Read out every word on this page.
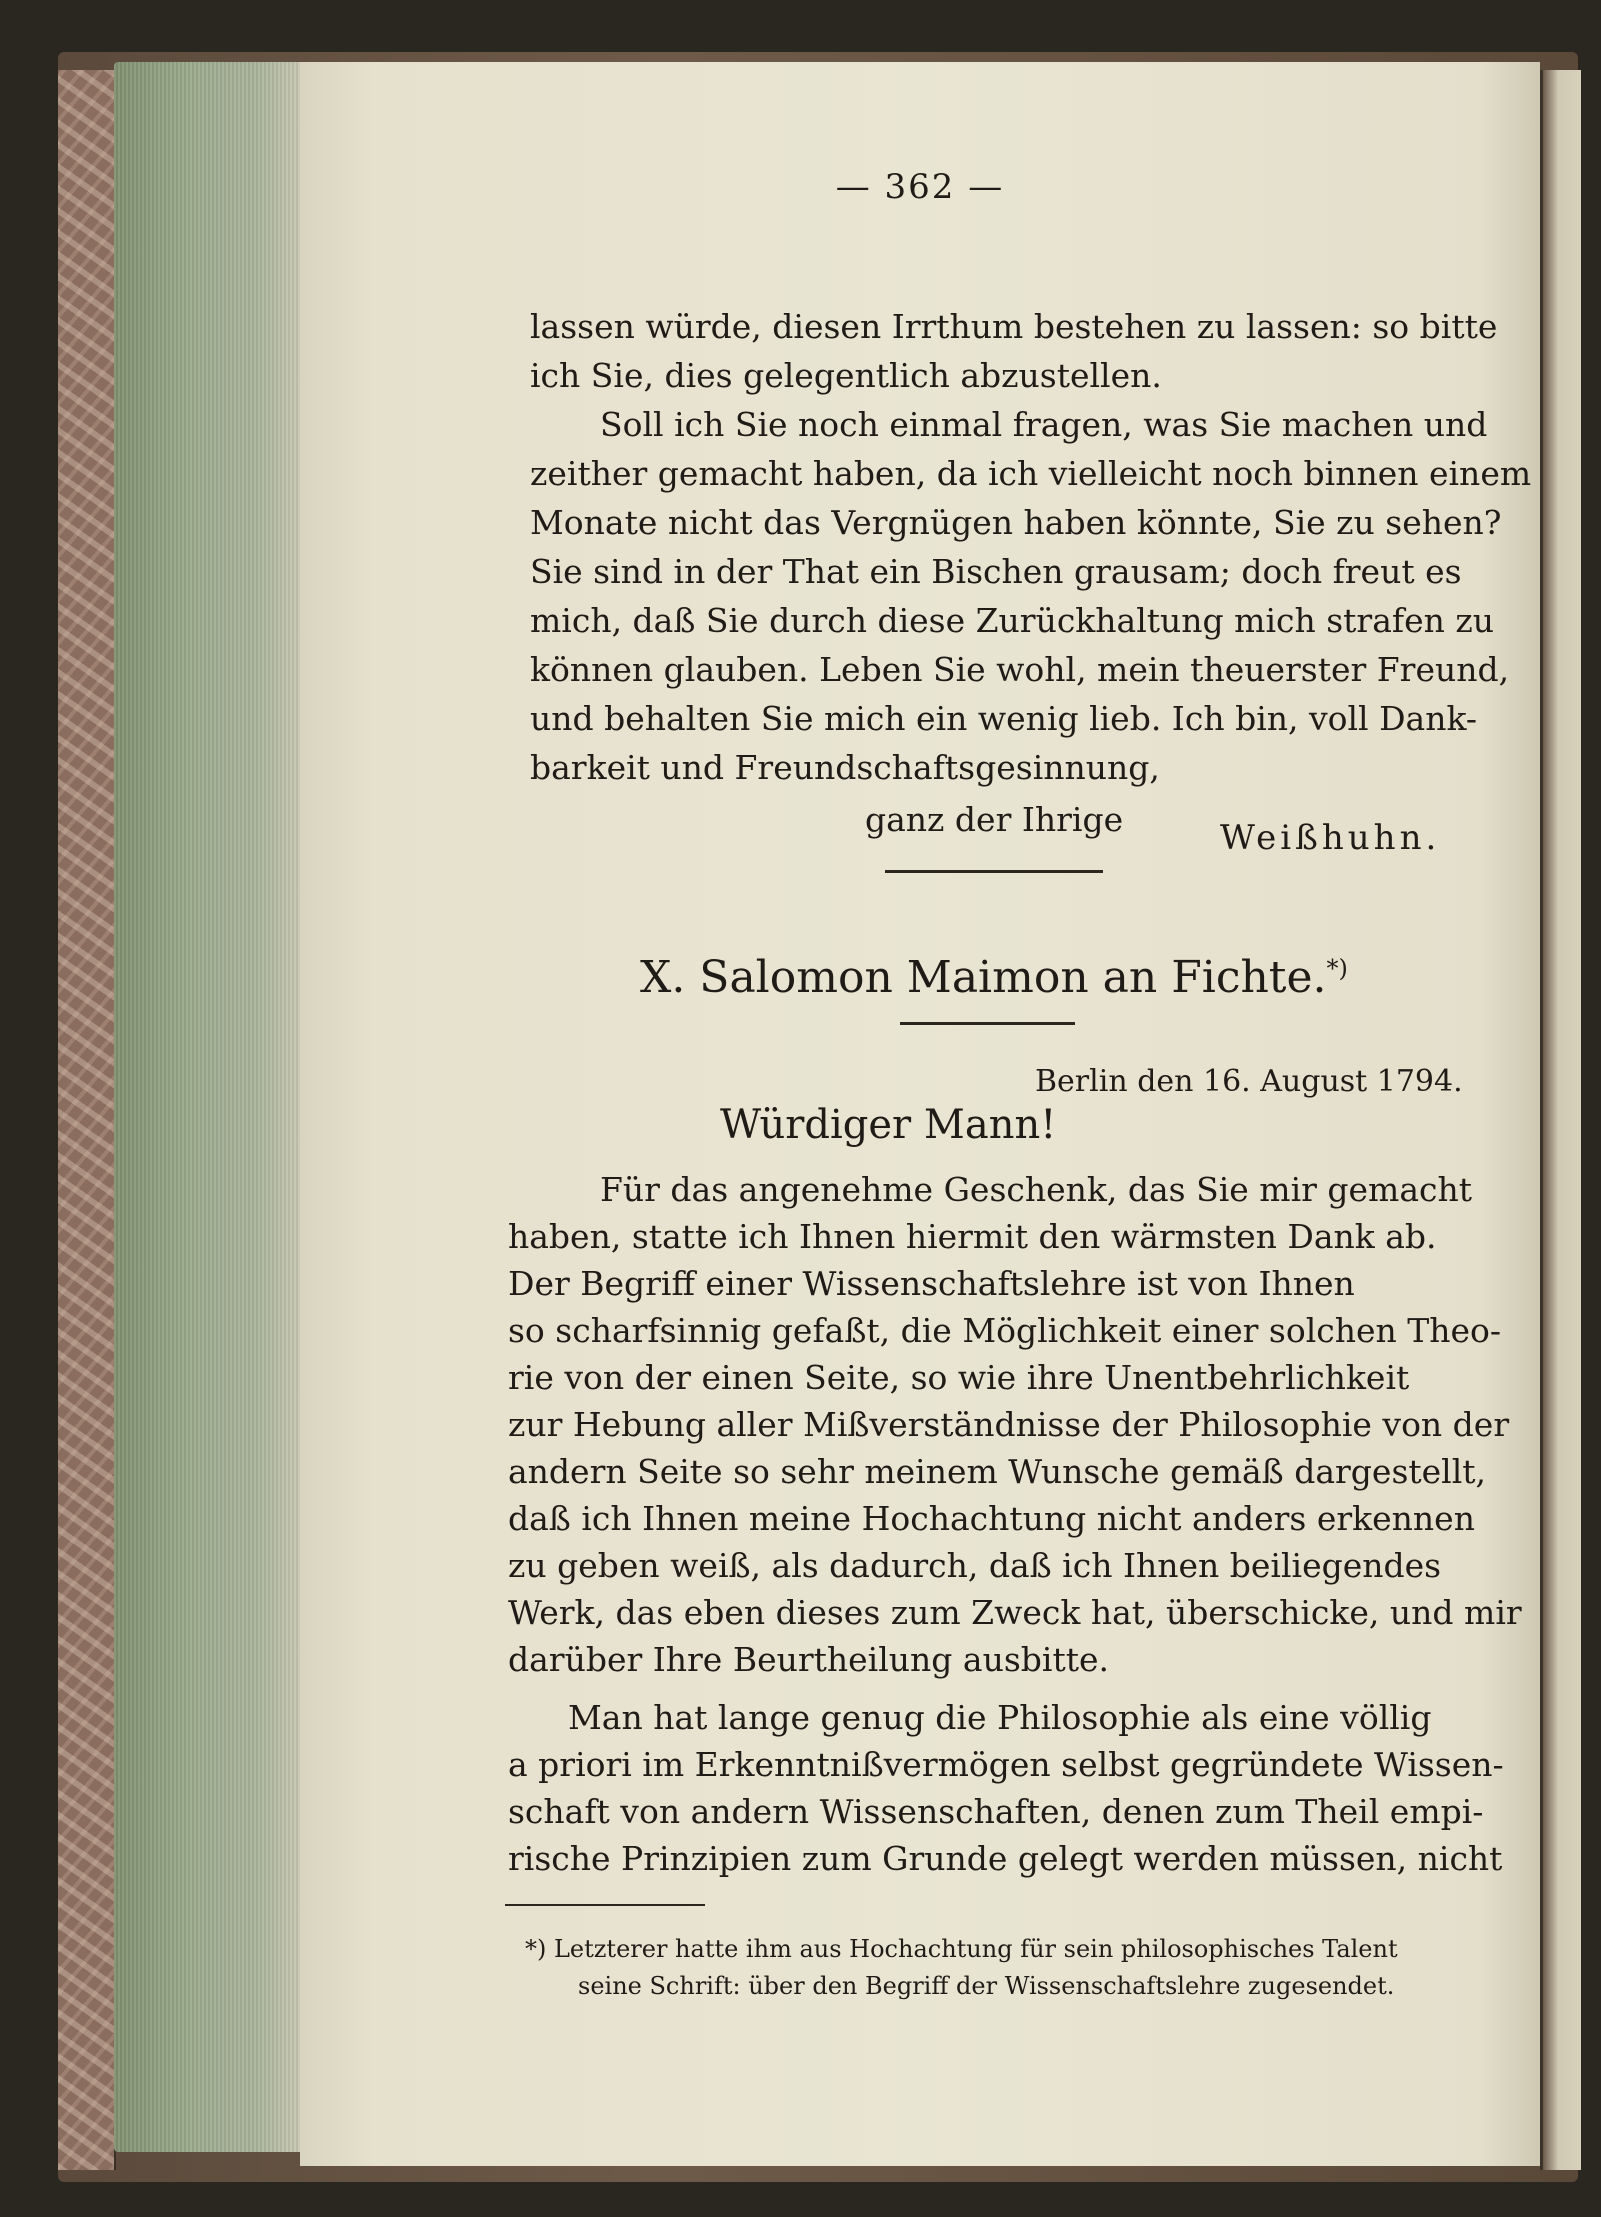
— 362 —
lassen würde, diesen Irrthum bestehen zu lassen: so bitte
ich Sie, dies gelegentlich abzustellen.
Soll ich Sie noch einmal fragen, was Sie machen und
zeither gemacht haben, da ich vielleicht noch binnen einem
Monate nicht das Vergnügen haben könnte, Sie zu sehen?
Sie sind in der That ein Bischen grausam; doch freut es
mich, daß Sie durch diese Zurückhaltung mich strafen zu
können glauben. Leben Sie wohl, mein theuerster Freund,
und behalten Sie mich ein wenig lieb. Ich bin, voll Dank-
barkeit und Freundschaftsgesinnung,
ganz der Ihrige	Weißhuhn.
X. Salomon Maimon an Fichte.*)
Berlin den 16. August 1794.
Würdiger Mann!
Für das angenehme Geschenk, das Sie mir gemacht
haben, statte ich Ihnen hiermit den wärmsten Dank ab.
Der Begriff einer Wissenschaftslehre ist von Ihnen
so scharfsinnig gefaßt, die Möglichkeit einer solchen Theo-
rie von der einen Seite, so wie ihre Unentbehrlichkeit
zur Hebung aller Mißverständnisse der Philosophie von der
andern Seite so sehr meinem Wunsche gemäß dargestellt,
daß ich Ihnen meine Hochachtung nicht anders erkennen
zu geben weiß, als dadurch, daß ich Ihnen beiliegendes
Werk, das eben dieses zum Zweck hat, überschicke, und mir
darüber Ihre Beurtheilung ausbitte.
Man hat lange genug die Philosophie als eine völlig
a priori im Erkenntnißvermögen selbst gegründete Wissen-
schaft von andern Wissenschaften, denen zum Theil empi-
rische Prinzipien zum Grunde gelegt werden müssen, nicht
*) Letzterer hatte ihm aus Hochachtung für sein philosophisches Talent
seine Schrift: über den Begriff der Wissenschaftslehre zugesendet.
